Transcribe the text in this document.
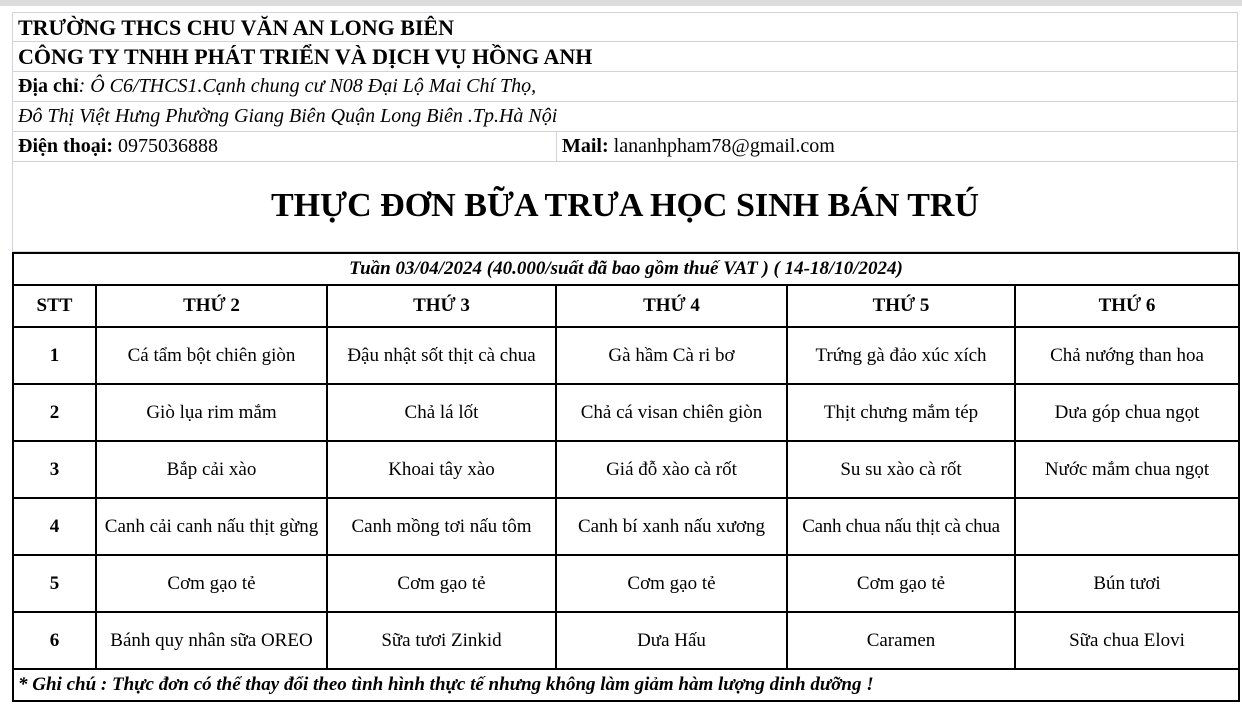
TRƯỜNG THCS CHU VĂN AN LONG BIÊN
CÔNG TY TNHH PHÁT TRIỂN VÀ DỊCH VỤ HỒNG ANH
Địa chỉ: Ô C6/THCS1.Cạnh chung cư N08 Đại Lộ Mai Chí Thọ,
Đô Thị Việt Hưng Phường Giang Biên Quận Long Biên .Tp.Hà Nội
Điện thoại: 0975036888	Mail: lananhpham78@gmail.com
THỰC ĐƠN BỮA TRƯA HỌC SINH BÁN TRÚ
Tuần 03/04/2024 (40.000/suất đã bao gồm thuế VAT ) ( 14-18/10/2024)					
STT	THỨ 2	THỨ 3	THỨ 4	THỨ 5	THỨ 6
1	Cá tẩm bột chiên giòn	Đậu nhật sốt thịt cà chua	Gà hầm Cà ri bơ	Trứng gà đảo xúc xích	Chả nướng than hoa
2	Giò lụa rim mắm	Chả lá lốt	Chả cá visan chiên giòn	Thịt chưng mắm tép	Dưa góp chua ngọt
3	Bắp cải xào	Khoai tây xào	Giá đỗ xào cà rốt	Su su xào cà rốt	Nước mắm chua ngọt
4	Canh cải canh nấu thịt gừng	Canh mồng tơi nấu tôm	Canh bí xanh nấu xương	Canh chua nấu thịt cà chua	
5	Cơm gạo tẻ	Cơm gạo tẻ	Cơm gạo tẻ	Cơm gạo tẻ	Bún tươi
6	Bánh quy nhân sữa OREO	Sữa tươi Zinkid	Dưa Hấu	Caramen	Sữa chua Elovi
* Ghi chú : Thực đơn có thể thay đổi theo tình hình thực tế nhưng không làm giảm hàm lượng dinh dưỡng !					
